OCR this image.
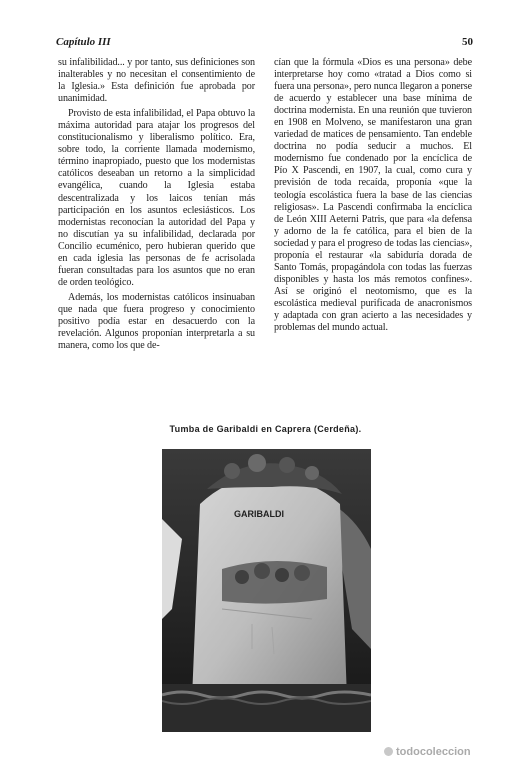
Capítulo III	50

su infalibilidad... y por tanto, sus definiciones son inalterables y no necesitan el consentimiento de la Iglesia.» Esta definición fue aprobada por unanimidad.

Provisto de esta infalibilidad, el Papa obtuvo la máxima autoridad para atajar los progresos del constitucionalismo y liberalismo político. Era, sobre todo, la corriente llamada modernismo, término inapropiado, puesto que los modernistas católicos deseaban un retorno a la simplicidad evangélica, cuando la Iglesia estaba descentralizada y los laicos tenían más participación en los asuntos eclesiásticos. Los modernistas reconocían la autoridad del Papa y no discutían ya su infalibilidad, declarada por Concilio ecuménico, pero hubieran querido que en cada iglesia las personas de fe acrisolada fueran consultadas para los asuntos que no eran de orden teológico.

Además, los modernistas católicos insinuaban que nada que fuera progreso y conocimiento positivo podía estar en desacuerdo con la revelación. Algunos proponían interpretarla a su manera, como los que de-

cían que la fórmula «Dios es una persona» debe interpretarse hoy como «tratad a Dios como si fuera una persona», pero nunca llegaron a ponerse de acuerdo y establecer una base mínima de doctrina modernista. En una reunión que tuvieron en 1908 en Molveno, se manifestaron una gran variedad de matices de pensamiento. Tan endeble doctrina no podía seducir a muchos. El modernismo fue condenado por la encíclica de Pío X Pascendi, en 1907, la cual, como cura y previsión de toda recaída, proponía «que la teología escolástica fuera la base de las ciencias religiosas». La Pascendi confirmaba la encíclica de León XIII Aeterni Patris, que para «la defensa y adorno de la fe católica, para el bien de la sociedad y para el progreso de todas las ciencias», proponía el restaurar «la sabiduría dorada de Santo Tomás, propagándola con todas las fuerzas disponibles y hasta los más remotos confines». Así se originó el neotomismo, que es la escolástica medieval purificada de anacronismos y adaptada con gran acierto a las necesidades y problemas del mundo actual.

Tumba de Garibaldi en Caprera (Cerdeña).
GARIBALDI
todocoleccion
